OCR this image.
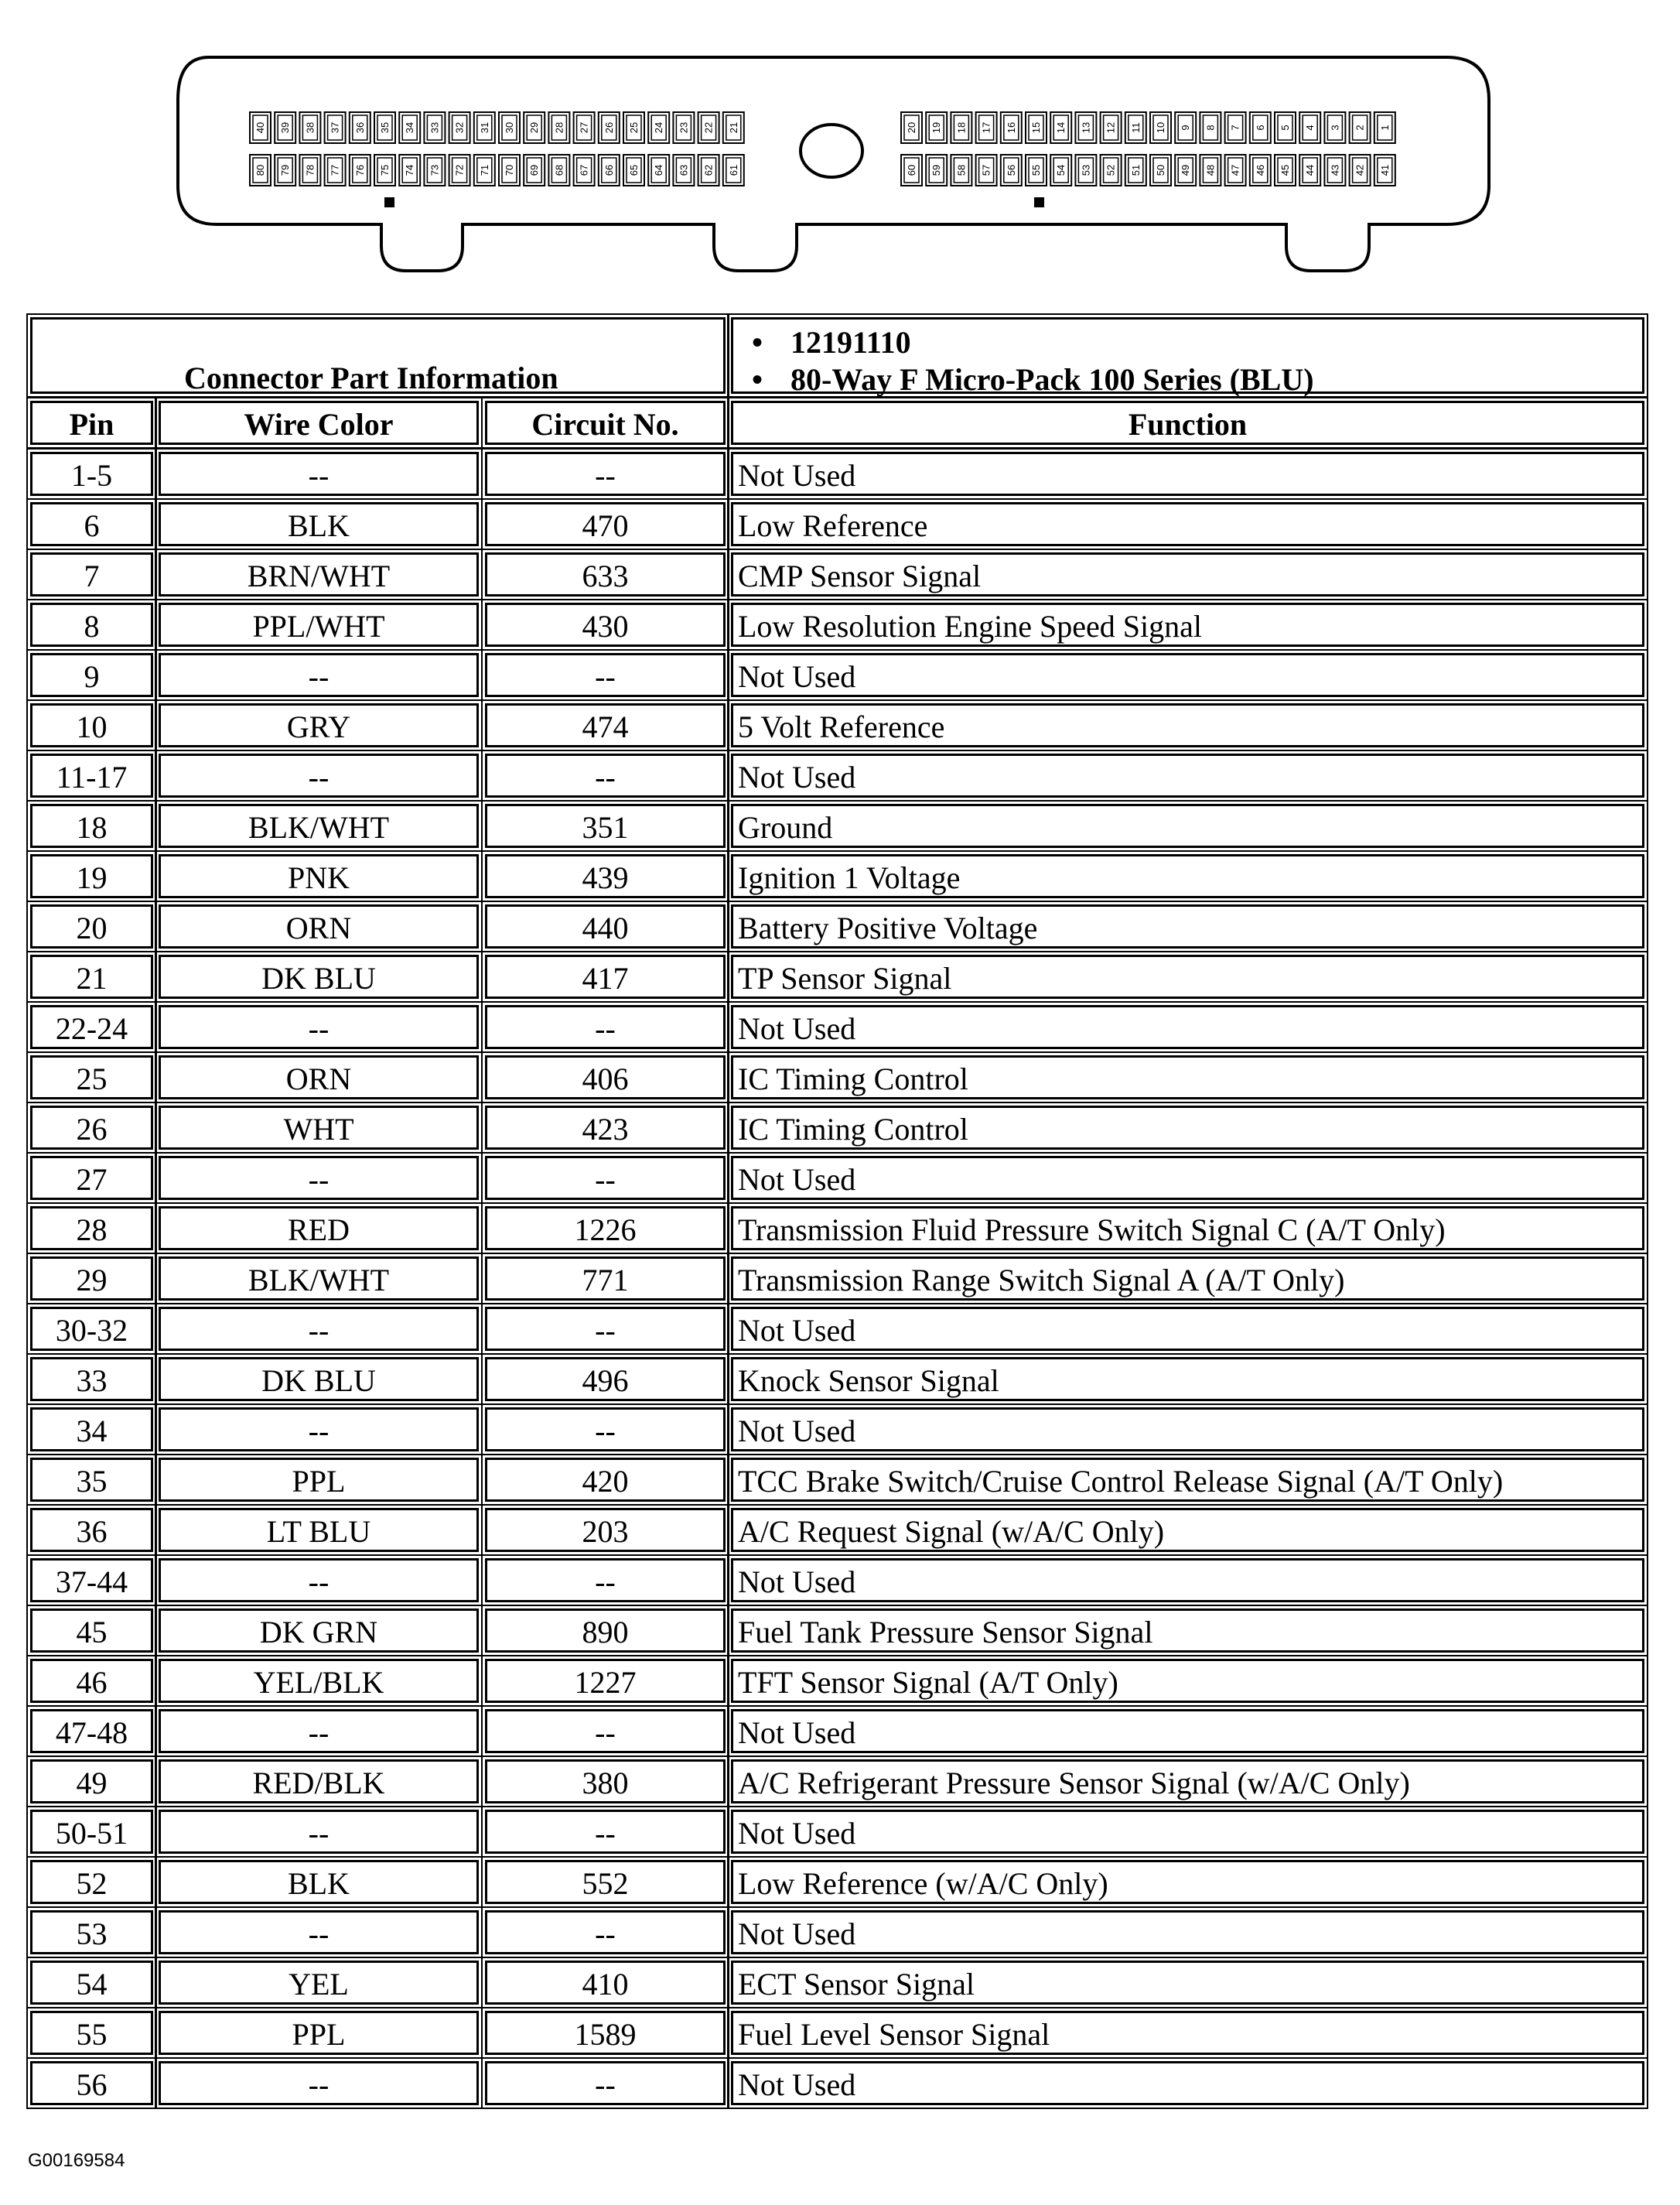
40 39 38 37 36 35 34 33 32 31 30 29 28 27 26 25 24 23 22 21
80 79 78 77 76 75 74 73 72 71 70 69 68 67 66 65 64 63 62 61
20 19 18 17 16 15 14 13 12 11 10 9 8 7 6 5 4 3 2 1
60 59 58 57 56 55 54 53 52 51 50 49 48 47 46 45 44 43 42 41
Connector Part Information
• 12191110
• 80-Way F Micro-Pack 100 Series (BLU)
Pin	Wire Color	Circuit No.	Function
1-5	--	--	Not Used
6	BLK	470	Low Reference
7	BRN/WHT	633	CMP Sensor Signal
8	PPL/WHT	430	Low Resolution Engine Speed Signal
9	--	--	Not Used
10	GRY	474	5 Volt Reference
11-17	--	--	Not Used
18	BLK/WHT	351	Ground
19	PNK	439	Ignition 1 Voltage
20	ORN	440	Battery Positive Voltage
21	DK BLU	417	TP Sensor Signal
22-24	--	--	Not Used
25	ORN	406	IC Timing Control
26	WHT	423	IC Timing Control
27	--	--	Not Used
28	RED	1226	Transmission Fluid Pressure Switch Signal C (A/T Only)
29	BLK/WHT	771	Transmission Range Switch Signal A (A/T Only)
30-32	--	--	Not Used
33	DK BLU	496	Knock Sensor Signal
34	--	--	Not Used
35	PPL	420	TCC Brake Switch/Cruise Control Release Signal (A/T Only)
36	LT BLU	203	A/C Request Signal (w/A/C Only)
37-44	--	--	Not Used
45	DK GRN	890	Fuel Tank Pressure Sensor Signal
46	YEL/BLK	1227	TFT Sensor Signal (A/T Only)
47-48	--	--	Not Used
49	RED/BLK	380	A/C Refrigerant Pressure Sensor Signal (w/A/C Only)
50-51	--	--	Not Used
52	BLK	552	Low Reference (w/A/C Only)
53	--	--	Not Used
54	YEL	410	ECT Sensor Signal
55	PPL	1589	Fuel Level Sensor Signal
56	--	--	Not Used
G00169584
